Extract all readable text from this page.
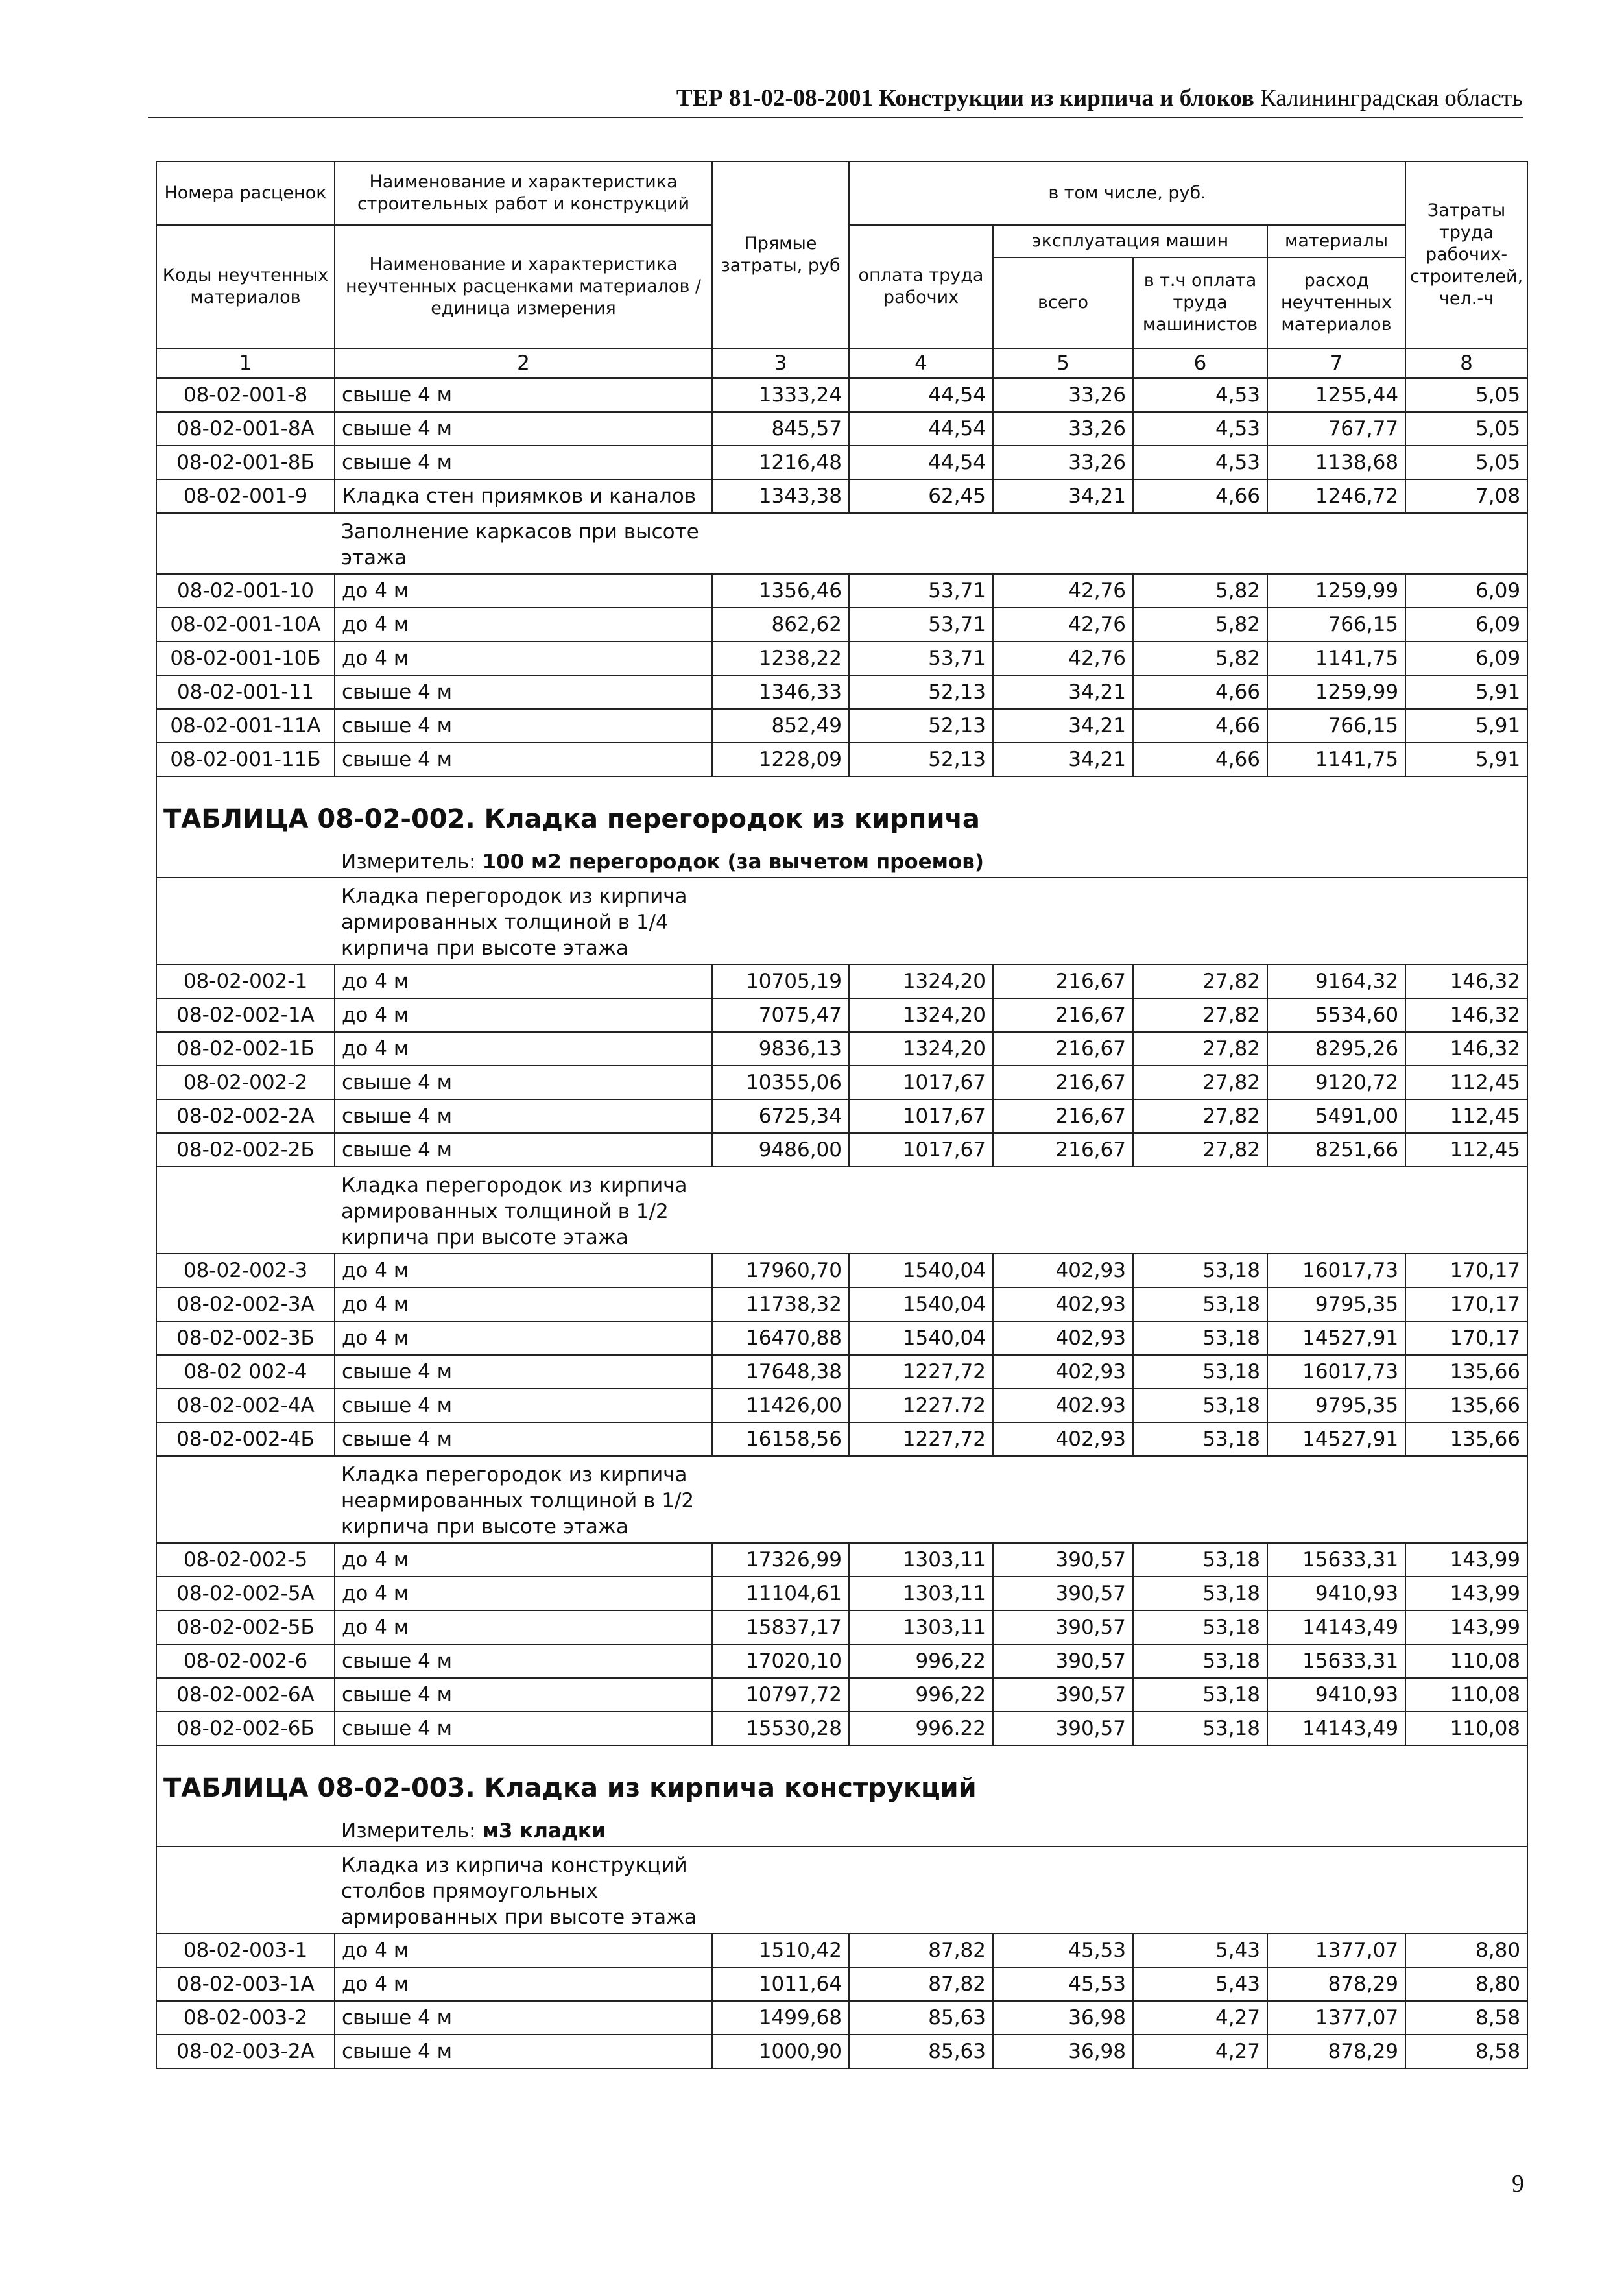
ТЕР 81-02-08-2001 Конструкции из кирпича и блоков Калининградская область
Номера расценок	Наименование и характеристика строительных работ и конструкций	Прямые затраты, руб	в том числе, руб.				Затраты труда рабочих-строителей, чел.-ч
Коды неучтенных материалов	Наименование и характеристика неучтенных расценками материалов / единица измерения		оплата труда рабочих	эксплуатация машин		материалы	
				всего	в т.ч оплата труда машинистов	расход неучтенных материалов	

1	2	3	4	5	6	7	8
08-02-001-8	свыше 4 м	1333,24	44,54	33,26	4,53	1255,44	5,05
08-02-001-8А	свыше 4 м	845,57	44,54	33,26	4,53	767,77	5,05
08-02-001-8Б	свыше 4 м	1216,48	44,54	33,26	4,53	1138,68	5,05
08-02-001-9	Кладка стен приямков и каналов	1343,38	62,45	34,21	4,66	1246,72	7,08
	Заполнение каркасов при высоте этажа						
08-02-001-10	до 4 м	1356,46	53,71	42,76	5,82	1259,99	6,09
08-02-001-10А	до 4 м	862,62	53,71	42,76	5,82	766,15	6,09
08-02-001-10Б	до 4 м	1238,22	53,71	42,76	5,82	1141,75	6,09
08-02-001-11	свыше 4 м	1346,33	52,13	34,21	4,66	1259,99	5,91
08-02-001-11А	свыше 4 м	852,49	52,13	34,21	4,66	766,15	5,91
08-02-001-11Б	свыше 4 м	1228,09	52,13	34,21	4,66	1141,75	5,91
ТАБЛИЦА 08-02-002. Кладка перегородок из кирпича							
Измеритель: 100 м2 перегородок (за вычетом проемов)							
	Кладка перегородок из кирпича армированных толщиной в 1/4 кирпича при высоте этажа						
08-02-002-1	до 4 м	10705,19	1324,20	216,67	27,82	9164,32	146,32
08-02-002-1А	до 4 м	7075,47	1324,20	216,67	27,82	5534,60	146,32
08-02-002-1Б	до 4 м	9836,13	1324,20	216,67	27,82	8295,26	146,32
08-02-002-2	свыше 4 м	10355,06	1017,67	216,67	27,82	9120,72	112,45
08-02-002-2А	свыше 4 м	6725,34	1017,67	216,67	27,82	5491,00	112,45
08-02-002-2Б	свыше 4 м	9486,00	1017,67	216,67	27,82	8251,66	112,45
	Кладка перегородок из кирпича армированных толщиной в 1/2 кирпича при высоте этажа						
08-02-002-3	до 4 м	17960,70	1540,04	402,93	53,18	16017,73	170,17
08-02-002-3А	до 4 м	11738,32	1540,04	402,93	53,18	9795,35	170,17
08-02-002-3Б	до 4 м	16470,88	1540,04	402,93	53,18	14527,91	170,17
08-02 002-4	свыше 4 м	17648,38	1227,72	402,93	53,18	16017,73	135,66
08-02-002-4А	свыше 4 м	11426,00	1227.72	402.93	53,18	9795,35	135,66
08-02-002-4Б	свыше 4 м	16158,56	1227,72	402,93	53,18	14527,91	135,66
	Кладка перегородок из кирпича неармированных толщиной в 1/2 кирпича при высоте этажа						
08-02-002-5	до 4 м	17326,99	1303,11	390,57	53,18	15633,31	143,99
08-02-002-5А	до 4 м	11104,61	1303,11	390,57	53,18	9410,93	143,99
08-02-002-5Б	до 4 м	15837,17	1303,11	390,57	53,18	14143,49	143,99
08-02-002-6	свыше 4 м	17020,10	996,22	390,57	53,18	15633,31	110,08
08-02-002-6А	свыше 4 м	10797,72	996,22	390,57	53,18	9410,93	110,08
08-02-002-6Б	свыше 4 м	15530,28	996.22	390,57	53,18	14143,49	110,08
ТАБЛИЦА 08-02-003. Кладка из кирпича конструкций							
Измеритель: м3 кладки							
	Кладка из кирпича конструкций столбов прямоугольных армированных при высоте этажа						
08-02-003-1	до 4 м	1510,42	87,82	45,53	5,43	1377,07	8,80
08-02-003-1А	до 4 м	1011,64	87,82	45,53	5,43	878,29	8,80
08-02-003-2	свыше 4 м	1499,68	85,63	36,98	4,27	1377,07	8,58
08-02-003-2А	свыше 4 м	1000,90	85,63	36,98	4,27	878,29	8,58
9
